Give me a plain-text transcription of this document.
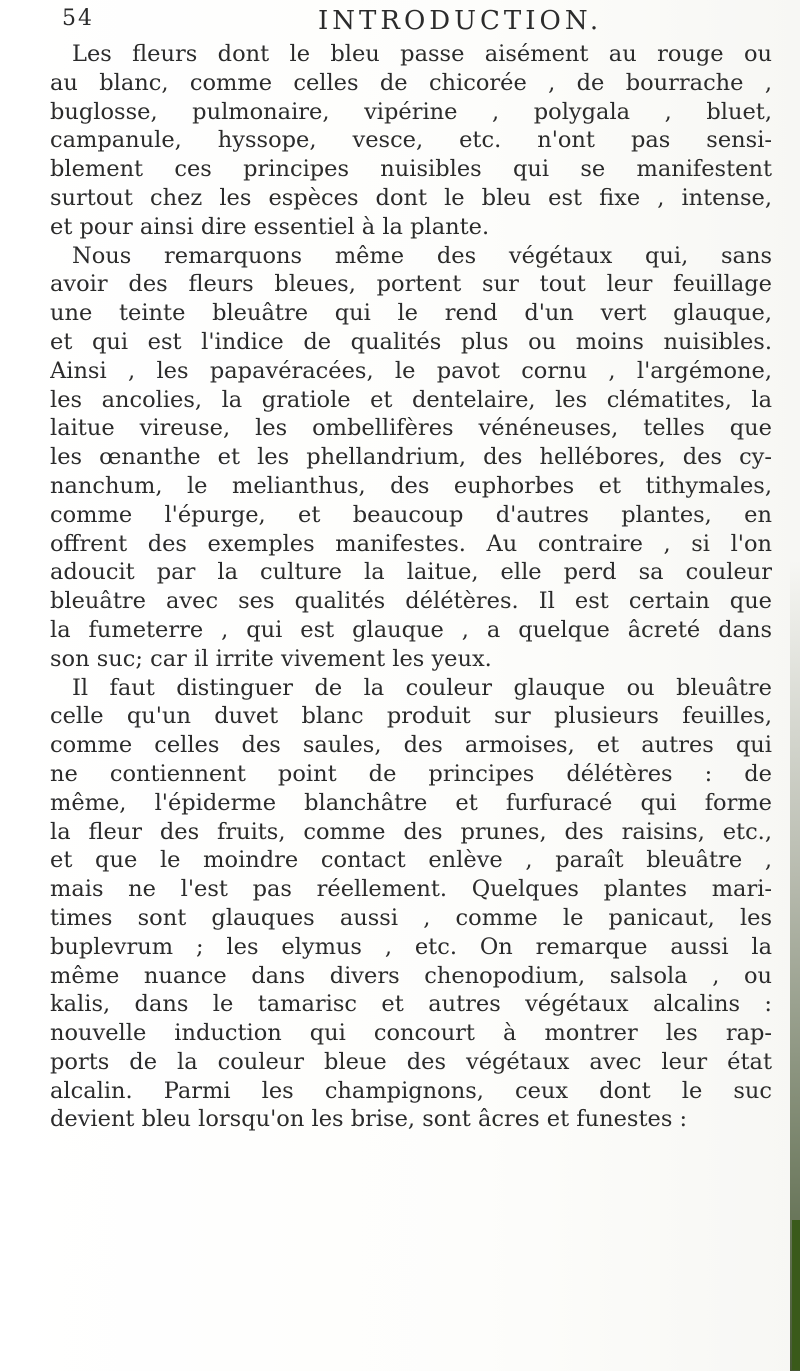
54	INTRODUCTION.
Les fleurs dont le bleu passe aisément au rouge ou
au blanc, comme celles de chicorée , de bourrache ,
buglosse, pulmonaire, vipérine , polygala , bluet,
campanule, hyssope, vesce, etc. n'ont pas sensi-
blement ces principes nuisibles qui se manifestent
surtout chez les espèces dont le bleu est fixe , intense,
et pour ainsi dire essentiel à la plante.
Nous remarquons même des végétaux qui, sans
avoir des fleurs bleues, portent sur tout leur feuillage
une teinte bleuâtre qui le rend d'un vert glauque,
et qui est l'indice de qualités plus ou moins nuisibles.
Ainsi , les papavéracées, le pavot cornu , l'argémone,
les ancolies, la gratiole et dentelaire, les clématites, la
laitue vireuse, les ombellifères vénéneuses, telles que
les œnanthe et les phellandrium, des hellébores, des cy-
nanchum, le melianthus, des euphorbes et tithymales,
comme l'épurge, et beaucoup d'autres plantes, en
offrent des exemples manifestes. Au contraire , si l'on
adoucit par la culture la laitue, elle perd sa couleur
bleuâtre avec ses qualités délétères. Il est certain que
la fumeterre , qui est glauque , a quelque âcreté dans
son suc; car il irrite vivement les yeux.
Il faut distinguer de la couleur glauque ou bleuâtre
celle qu'un duvet blanc produit sur plusieurs feuilles,
comme celles des saules, des armoises, et autres qui
ne contiennent point de principes délétères : de
même, l'épiderme blanchâtre et furfuracé qui forme
la fleur des fruits, comme des prunes, des raisins, etc.,
et que le moindre contact enlève , paraît bleuâtre ,
mais ne l'est pas réellement. Quelques plantes mari-
times sont glauques aussi , comme le panicaut, les
buplevrum ; les elymus , etc. On remarque aussi la
même nuance dans divers chenopodium, salsola , ou
kalis, dans le tamarisc et autres végétaux alcalins :
nouvelle induction qui concourt à montrer les rap-
ports de la couleur bleue des végétaux avec leur état
alcalin. Parmi les champignons, ceux dont le suc
devient bleu lorsqu'on les brise, sont âcres et funestes :
